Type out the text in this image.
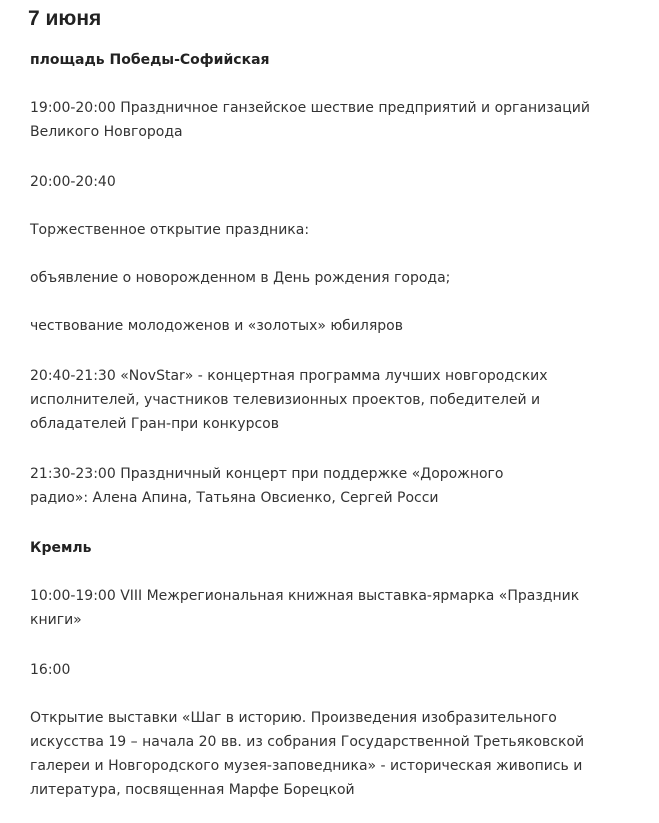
7 июня
площадь Победы-Софийская
19:00-20:00 Праздничное ганзейское шествие предприятий и организаций
Великого Новгорода
20:00-20:40
Торжественное открытие праздника:
объявление о новорожденном в День рождения города;
чествование молодоженов и «золотых» юбиляров
20:40-21:30 «NovStar» - концертная программа лучших новгородских
исполнителей, участников телевизионных проектов, победителей и
обладателей Гран-при конкурсов
21:30-23:00 Праздничный концерт при поддержке «Дорожного
радио»: Алена Апина, Татьяна Овсиенко, Сергей Росси
Кремль
10:00-19:00 VIII Межрегиональная книжная выставка-ярмарка «Праздник
книги»
16:00
Открытие выставки «Шаг в историю. Произведения изобразительного
искусства 19 – начала 20 вв. из собрания Государственной Третьяковской
галереи и Новгородского музея-заповедника» - историческая живопись и
литература, посвященная Марфе Борецкой
